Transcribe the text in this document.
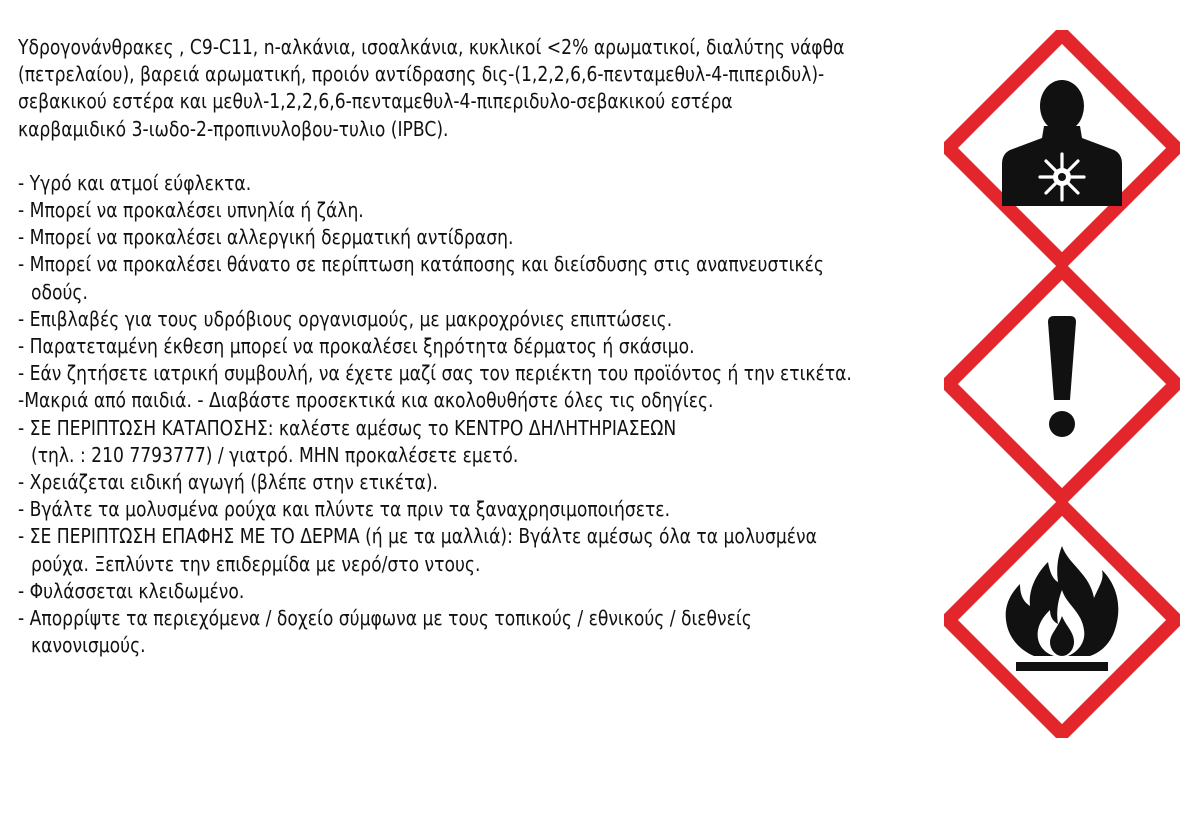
Υδρογονάνθρακες , C9-C11, n-αλκάνια, ισοαλκάνια, κυκλικοί <2% αρωματικοί, διαλύτης νάφθα
(πετρελαίου), βαρειά αρωματική, προιόν αντίδρασης δις-(1,2,2,6,6-πενταμεθυλ-4-πιπεριδυλ)-
σεβακικού εστέρα και μεθυλ-1,2,2,6,6-πενταμεθυλ-4-πιπεριδυλο-σεβακικού εστέρα
καρβαμιδικό 3-ιωδο-2-προπινυλοβου-τυλιο (IPBC).
- Υγρό και ατμοί εύφλεκτα.
- Μπορεί να προκαλέσει υπνηλία ή ζάλη.
- Μπορεί να προκαλέσει αλλεργική δερματική αντίδραση.
- Μπορεί να προκαλέσει θάνατο σε περίπτωση κατάποσης και διείσδυσης στις αναπνευστικές
οδούς.
- Επιβλαβές για τους υδρόβιους οργανισμούς, με μακροχρόνιες επιπτώσεις.
- Παρατεταμένη έκθεση μπορεί να προκαλέσει ξηρότητα δέρματος ή σκάσιμο.
- Εάν ζητήσετε ιατρική συμβουλή, να έχετε μαζί σας τον περιέκτη του προϊόντος ή την ετικέτα.
-Μακριά από παιδιά. - Διαβάστε προσεκτικά κια ακολοθυθήστε όλες τις οδηγίες.
- ΣΕ ΠΕΡΙΠΤΩΣΗ ΚΑΤΑΠΟΣΗΣ: καλέστε αμέσως το ΚΕΝΤΡΟ ΔΗΛΗΤΗΡΙΑΣΕΩΝ
(τηλ. : 210 7793777) / γιατρό. ΜΗΝ προκαλέσετε εμετό.
- Χρειάζεται ειδική αγωγή (βλέπε στην ετικέτα).
- Βγάλτε τα μολυσμένα ρούχα και πλύντε τα πριν τα ξαναχρησιμοποιήσετε.
- ΣΕ ΠΕΡΙΠΤΩΣΗ ΕΠΑΦΗΣ ΜΕ ΤΟ ΔΕΡΜΑ (ή με τα μαλλιά): Βγάλτε αμέσως όλα τα μολυσμένα
ρούχα. Ξεπλύντε την επιδερμίδα με νερό/στο ντους.
- Φυλάσσεται κλειδωμένο.
- Απορρίψτε τα περιεχόμενα / δοχείο σύμφωνα με τους τοπικούς / εθνικούς / διεθνείς
κανονισμούς.
